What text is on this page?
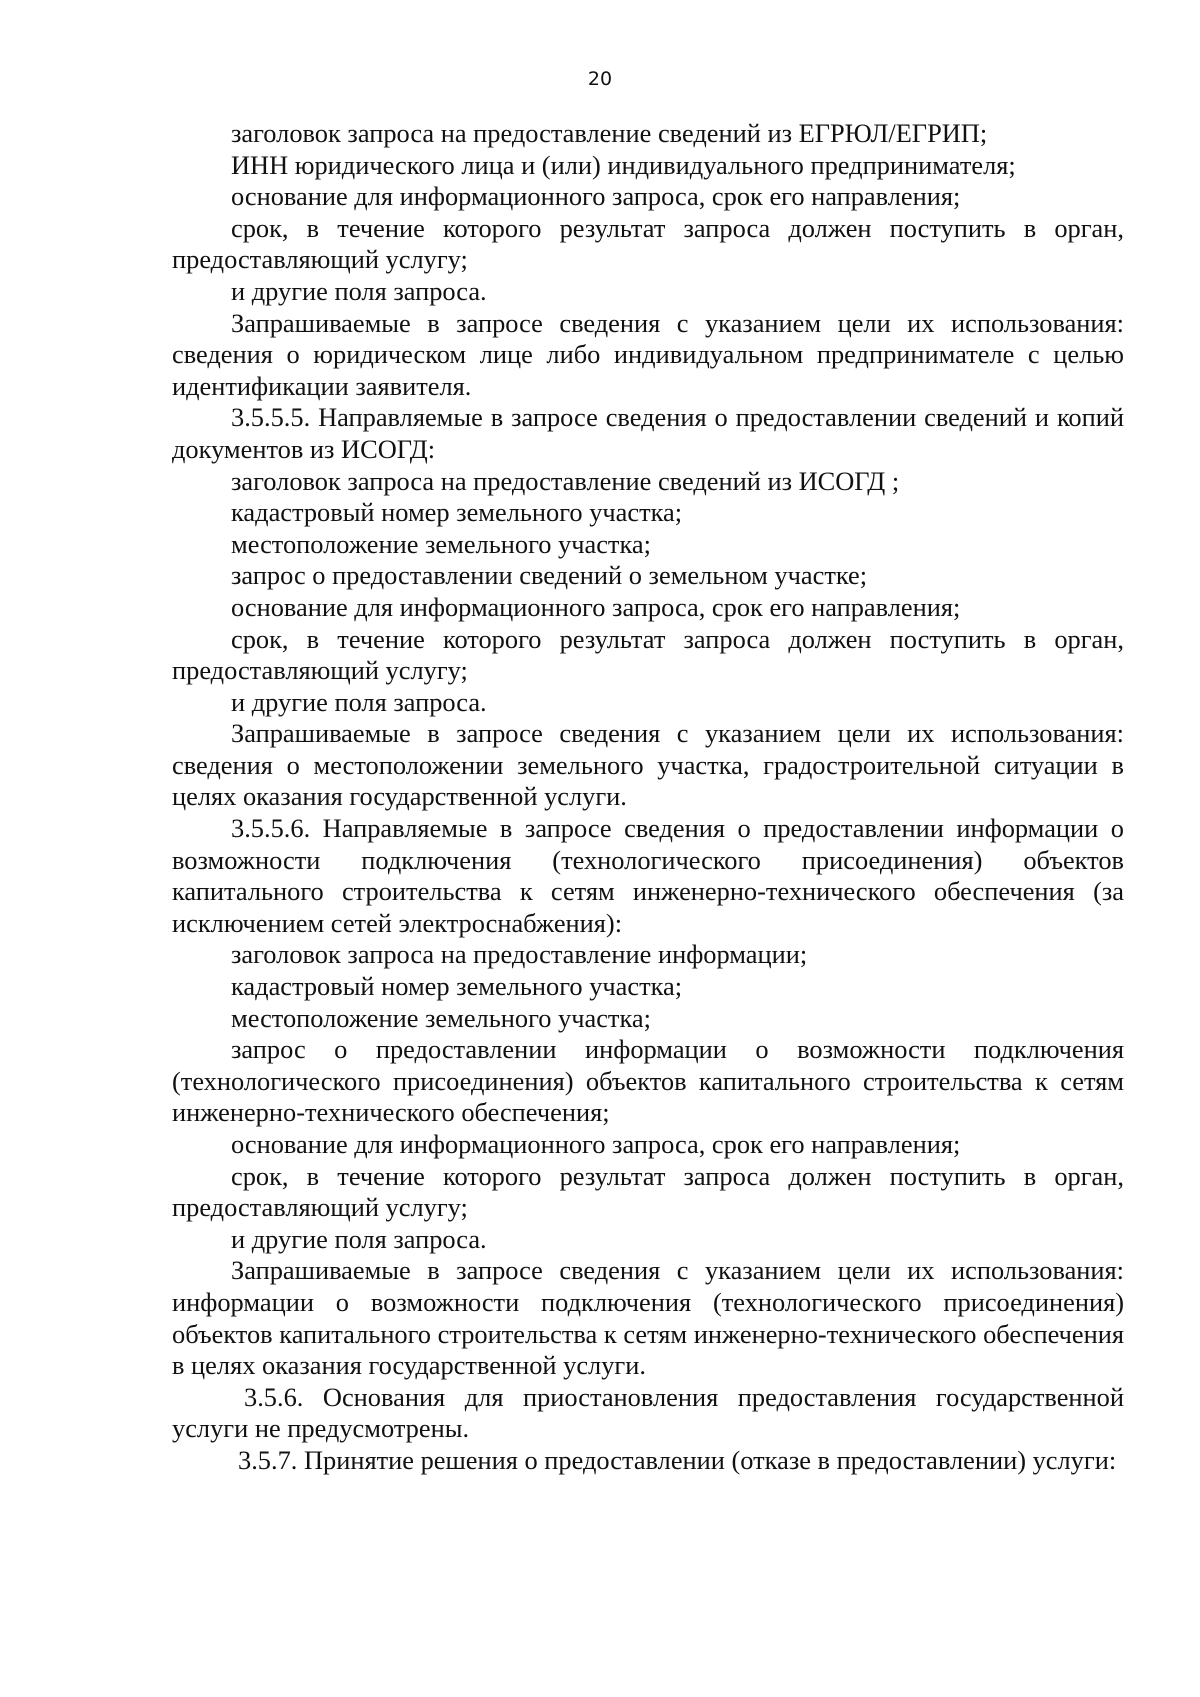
20

заголовок запроса на предоставление сведений из ЕГРЮЛ/ЕГРИП;

ИНН юридического лица и (или) индивидуального предпринимателя;

основание для информационного запроса, срок его направления;

срок, в течение которого результат запроса должен поступить в орган, предоставляющий услугу;

и другие поля запроса.

Запрашиваемые в запросе сведения с указанием цели их использования: сведения о юридическом лице либо индивидуальном предпринимателе с целью идентификации заявителя.

3.5.5.5. Направляемые в запросе сведения о предоставлении сведений и копий документов из ИСОГД:

заголовок запроса на предоставление сведений из ИСОГД ;

кадастровый номер земельного участка;

местоположение земельного участка;

запрос о предоставлении сведений о земельном участке;

основание для информационного запроса, срок его направления;

срок, в течение которого результат запроса должен поступить в орган, предоставляющий услугу;

и другие поля запроса.

Запрашиваемые в запросе сведения с указанием цели их использования: сведения о местоположении земельного участка, градостроительной ситуации в целях оказания государственной услуги.

3.5.5.6. Направляемые в запросе сведения о предоставлении информации о возможности подключения (технологического присоединения) объектов капитального строительства к сетям инженерно-технического обеспечения (за исключением сетей электроснабжения):

заголовок запроса на предоставление информации;

кадастровый номер земельного участка;

местоположение земельного участка;

запрос о предоставлении информации о возможности подключения (технологического присоединения) объектов капитального строительства к сетям инженерно-технического обеспечения;

основание для информационного запроса, срок его направления;

срок, в течение которого результат запроса должен поступить в орган, предоставляющий услугу;

и другие поля запроса.

Запрашиваемые в запросе сведения с указанием цели их использования: информации о возможности подключения (технологического присоединения) объектов капитального строительства к сетям инженерно-технического обеспечения в целях оказания государственной услуги.

3.5.6. Основания для приостановления предоставления государственной услуги не предусмотрены.

3.5.7. Принятие решения о предоставлении (отказе в предоставлении) услуги:
